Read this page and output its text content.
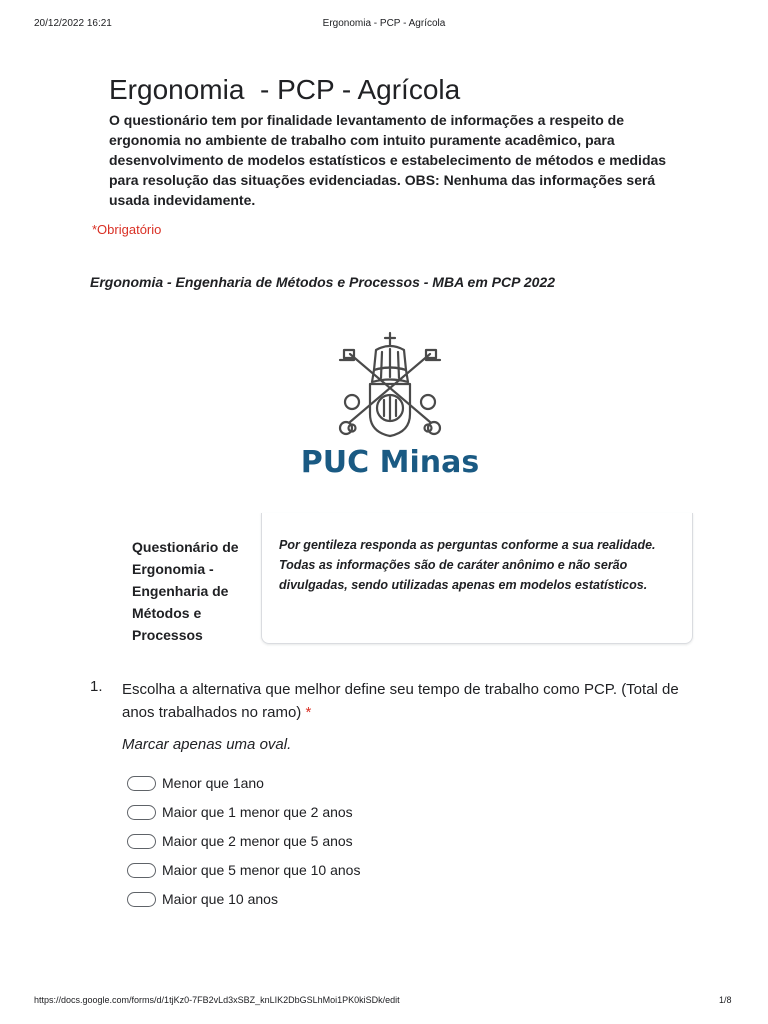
20/12/2022 16:21	Ergonomia - PCP - Agrícola
Ergonomia  - PCP - Agrícola
O questionário tem por finalidade levantamento de informações a respeito de ergonomia no ambiente de trabalho com intuito puramente acadêmico, para desenvolvimento de modelos estatísticos e estabelecimento de métodos e medidas para resolução das situações evidenciadas. OBS: Nenhuma das informações será usada indevidamente.
*Obrigatório
Ergonomia - Engenharia de Métodos e Processos - MBA em PCP 2022
PUC Minas
Questionário de Ergonomia - Engenharia de Métodos e Processos
Por gentileza responda as perguntas conforme a sua realidade. Todas as informações são de caráter anônimo e não serão divulgadas, sendo utilizadas apenas em modelos estatísticos.
1. Escolha a alternativa que melhor define seu tempo de trabalho como PCP. (Total de anos trabalhados no ramo) *
Marcar apenas uma oval.
Menor que 1ano
Maior que 1 menor que 2 anos
Maior que 2 menor que 5 anos
Maior que 5 menor que 10 anos
Maior que 10 anos
https://docs.google.com/forms/d/1tjKz0-7FB2vLd3xSBZ_knLIK2DbGSLhMoi1PK0kiSDk/edit	1/8
